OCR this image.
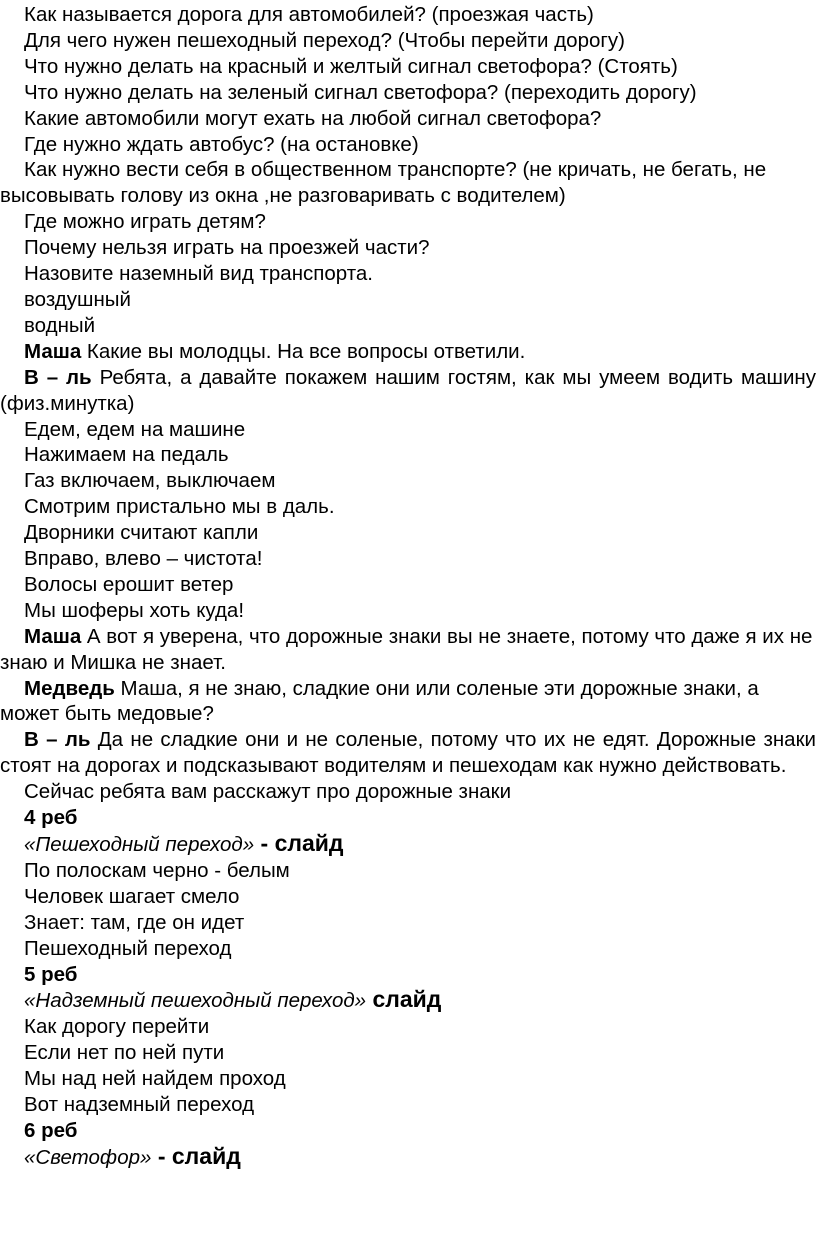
Как называется дорога для автомобилей? (проезжая часть)

Для чего нужен пешеходный переход? (Чтобы перейти дорогу)

Что нужно делать на красный и желтый сигнал светофора? (Стоять)

Что нужно делать на зеленый сигнал светофора? (переходить дорогу)

Какие автомобили могут ехать на любой сигнал светофора?

Где нужно ждать автобус? (на остановке)

Как нужно вести себя в общественном транспорте? (не кричать, не бегать, не высовывать голову из окна ,не разговаривать с водителем)

Где можно играть детям?

Почему нельзя играть на проезжей части?

Назовите наземный вид транспорта.

воздушный

водный

Маша Какие вы молодцы. На все вопросы ответили.

В – ль Ребята, а давайте покажем нашим гостям, как мы умеем водить машину (физ.минутка)

Едем, едем на машине

Нажимаем на педаль

Газ включаем, выключаем

Смотрим пристально мы в даль.

Дворники считают капли

Вправо, влево – чистота!

Волосы ерошит ветер

Мы шоферы хоть куда!

Маша А вот я уверена, что дорожные знаки вы не знаете, потому что даже я их не знаю и Мишка не знает.

Медведь Маша, я не знаю, сладкие они или соленые эти дорожные знаки, а может быть медовые?

В – ль Да не сладкие они и не соленые, потому что их не едят. Дорожные знаки стоят на дорогах и подсказывают водителям и пешеходам как нужно действовать.

Сейчас ребята вам расскажут про дорожные знаки

4 реб

«Пешеходный переход» - слайд

По полоскам черно - белым

Человек шагает смело

Знает: там, где он идет

Пешеходный переход

5 реб

«Надземный пешеходный переход» слайд

Как дорогу перейти

Если нет по ней пути

Мы над ней найдем проход

Вот надземный переход

6 реб

«Светофор» - слайд
